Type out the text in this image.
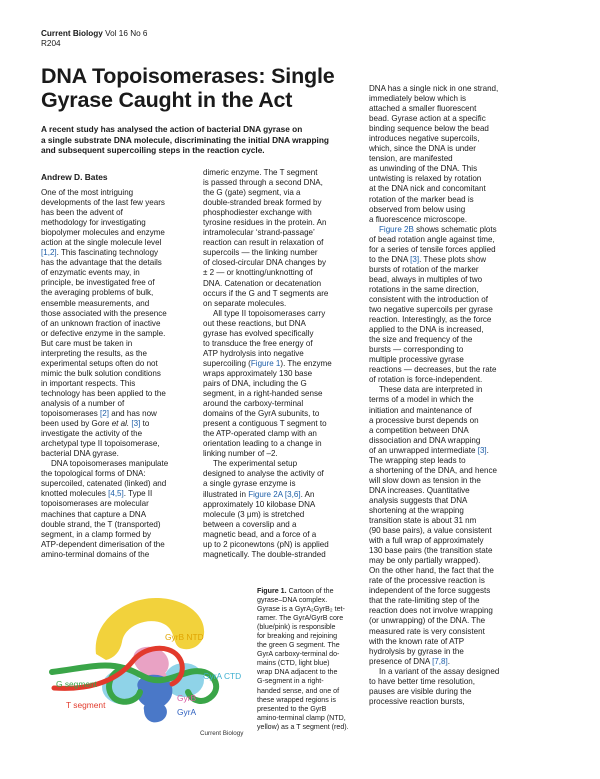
Current Biology Vol 16 No 6
R204
DNA Topoisomerases: Single
Gyrase Caught in the Act
A recent study has analysed the action of bacterial DNA gyrase on
a single substrate DNA molecule, discriminating the initial DNA wrapping
and subsequent supercoiling steps in the reaction cycle.
Andrew D. Bates

One of the most intriguing
developments of the last few years
has been the advent of
methodology for investigating
biopolymer molecules and enzyme
action at the single molecule level
[1,2]. This fascinating technology
has the advantage that the details
of enzymatic events may, in
principle, be investigated free of
the averaging problems of bulk,
ensemble measurements, and
those associated with the presence
of an unknown fraction of inactive
or defective enzyme in the sample.
But care must be taken in
interpreting the results, as the
experimental setups often do not
mimic the bulk solution conditions
in important respects. This
technology has been applied to the
analysis of a number of
topoisomerases [2] and has now
been used by Gore et al. [3] to
investigate the activity of the
archetypal type II topoisomerase,
bacterial DNA gyrase.

DNA topoisomerases manipulate
the topological forms of DNA:
supercoiled, catenated (linked) and
knotted molecules [4,5]. Type II
topoisomerases are molecular
machines that capture a DNA
double strand, the T (transported)
segment, in a clamp formed by
ATP-dependent dimerisation of the
amino-terminal domains of the

dimeric enzyme. The T segment
is passed through a second DNA,
the G (gate) segment, via a
double-stranded break formed by
phosphodiester exchange with
tyrosine residues in the protein. An
intramolecular ‘strand-passage’
reaction can result in relaxation of
supercoils — the linking number
of closed-circular DNA changes by
± 2 — or knotting/unknotting of
DNA. Catenation or decatenation
occurs if the G and T segments are
on separate molecules.

All type II topoisomerases carry
out these reactions, but DNA
gyrase has evolved specifically
to transduce the free energy of
ATP hydrolysis into negative
supercoiling (Figure 1). The enzyme
wraps approximately 130 base
pairs of DNA, including the G
segment, in a right-handed sense
around the carboxy-terminal
domains of the GyrA subunits, to
present a contiguous T segment to
the ATP-operated clamp with an
orientation leading to a change in
linking number of –2.

The experimental setup
designed to analyse the activity of
a single gyrase enzyme is
illustrated in Figure 2A [3,6]. An
approximately 10 kilobase DNA
molecule (3 μm) is stretched
between a coverslip and a
magnetic bead, and a force of a
up to 2 piconewtons (pN) is applied
magnetically. The double-stranded

DNA has a single nick in one strand,
immediately below which is
attached a smaller fluorescent
bead. Gyrase action at a specific
binding sequence below the bead
introduces negative supercoils,
which, since the DNA is under
tension, are manifested
as unwinding of the DNA. This
untwisting is relaxed by rotation
at the DNA nick and concomitant
rotation of the marker bead is
observed from below using
a fluorescence microscope.

Figure 2B shows schematic plots
of bead rotation angle against time,
for a series of tensile forces applied
to the DNA [3]. These plots show
bursts of rotation of the marker
bead, always in multiples of two
rotations in the same direction,
consistent with the introduction of
two negative supercoils per gyrase
reaction. Interestingly, as the force
applied to the DNA is increased,
the size and frequency of the
bursts — corresponding to
multiple processive gyrase
reactions — decreases, but the rate
of rotation is force-independent.

These data are interpreted in
terms of a model in which the
initiation and maintenance of
a processive burst depends on
a competition between DNA
dissociation and DNA wrapping
of an unwrapped intermediate [3].
The wrapping step leads to
a shortening of the DNA, and hence
will slow down as tension in the
DNA increases. Quantitative
analysis suggests that DNA
shortening at the wrapping
transition state is about 31 nm
(90 base pairs), a value consistent
with a full wrap of approximately
130 base pairs (the transition state
may be only partially wrapped).
On the other hand, the fact that the
rate of the processive reaction is
independent of the force suggests
that the rate-limiting step of the
reaction does not involve wrapping
(or unwrapping) of the DNA. The
measured rate is very consistent
with the known rate of ATP
hydrolysis by gyrase in the
presence of DNA [7,8].

In a variant of the assay designed
to have better time resolution,
pauses are visible during the
processive reaction bursts,

GyrB NTD
GyrA CTD
G segment
T segment
GyrB
GyrA
Current Biology
Figure 1. Cartoon of the
gyrase–DNA complex.
Gyrase is a GyrA₂GyrB₂ tet-
ramer. The GyrA/GyrB core
(blue/pink) is responsible
for breaking and rejoining
the green G segment. The
GyrA carboxy-terminal do-
mains (CTD, light blue)
wrap DNA adjacent to the
G-segment in a right-
handed sense, and one of
these wrapped regions is
presented to the GyrB
amino-terminal clamp (NTD,
yellow) as a T segment (red).
